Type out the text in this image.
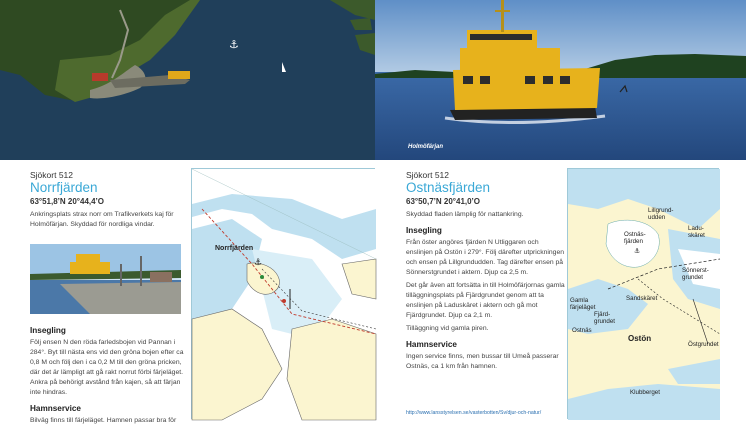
⚓
Holmöfärjan
Sjökort 512
Norrfjärden
63°51,8’N 20°44,4’O

Ankringsplats strax norr om Trafikverkets kaj för Holmöfärjan. Skyddad för nordliga vindar.

Insegling

Följ ensen N den röda farledsbojen vid Pannan i 284°. Byt till nästa ens vid den gröna bojen efter ca 0,8 M och följ den i ca 0,2 M till den gröna pricken, där det är lämpligt att gå rakt norrut förbi färjeläget. Ankra på behörigt avstånd från kajen, så att färjan inte hindras.

Hamnservice

Bilväg finns till färjeläget. Hamnen passar bra för

⚓
Norrfjärden
Sjökort 512
Ostnäsfjärden
63°50,7’N 20°41,0’O

Skyddad fladen lämplig för nattankring.

Insegling

Från öster angöres fjärden N Utliggaren och enslinjen på Ostön i 279°. Följ därefter utprickningen och ensen på Lillgrundudden. Tag därefter ensen på Sönnerstgrundet i aktern. Djup ca 2,5 m.

Det går även att fortsätta in till Holmöfärjornas gamla tilläggningsplats på Fjärdgrundet genom att ta enslinjen på Laduskäret i aktern och gå mot Fjärdgrundet. Djup ca 2,1 m.

Tilläggning vid gamla piren.

Hamnservice

Ingen service finns, men bussar till Umeå passerar Ostnäs, ca 1 km från hamnen.

http://www.lansstyrelsen.se/vasterbotten/Sv/djur-och-natur/
⚓
Lillgrund-udden
Ladu-skäret
Ostnäs-fjärden
Sönnerst-grundet
Sandskäret
Gamla färjeläget
Fjärd-grundet
Ostnäs
Ostön
Östgrundet
Klubberget
